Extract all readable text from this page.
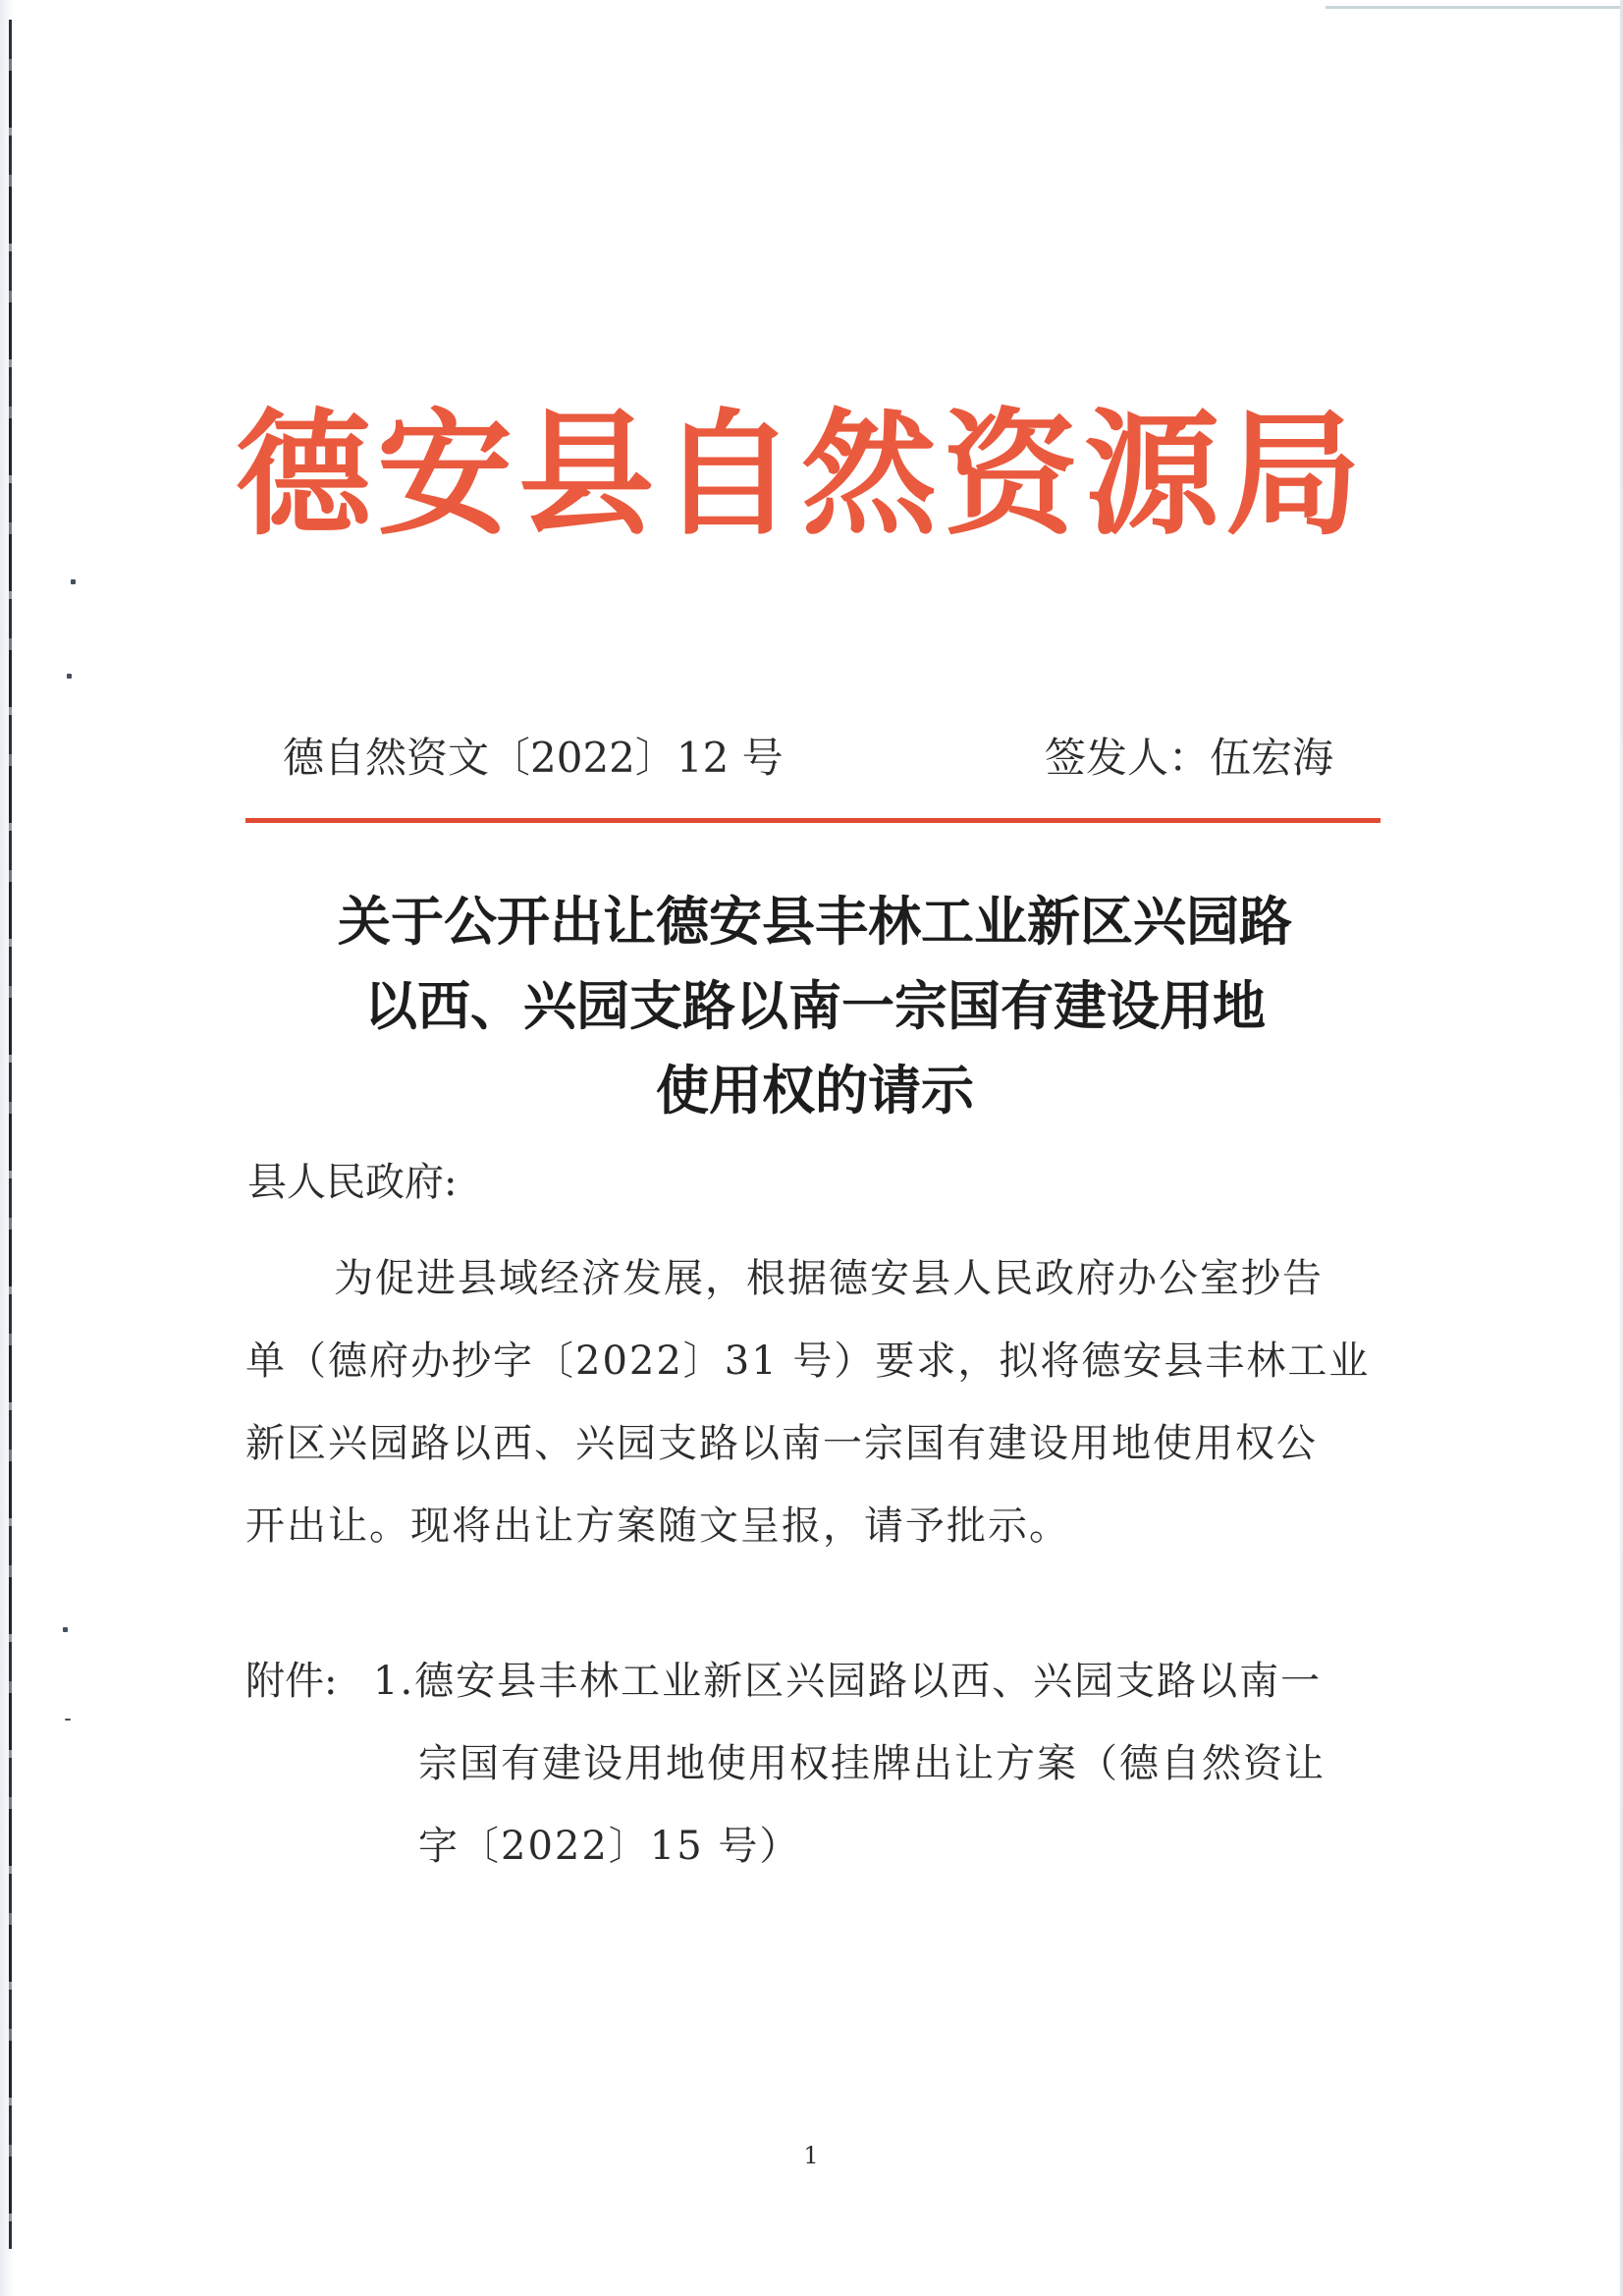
德安县自然资源局
德自然资文〔2022〕12 号	签发人：伍宏海
关于公开出让德安县丰林工业新区兴园路
以西、兴园支路以南一宗国有建设用地
使用权的请示
县人民政府:
为促进县域经济发展，根据德安县人民政府办公室抄告
单（德府办抄字〔2022〕31 号）要求，拟将德安县丰林工业
新区兴园路以西、兴园支路以南一宗国有建设用地使用权公
开出让。现将出让方案随文呈报，请予批示。
附件: 1.德安县丰林工业新区兴园路以西、兴园支路以南一
宗国有建设用地使用权挂牌出让方案（德自然资让
字〔2022〕15 号）
1
